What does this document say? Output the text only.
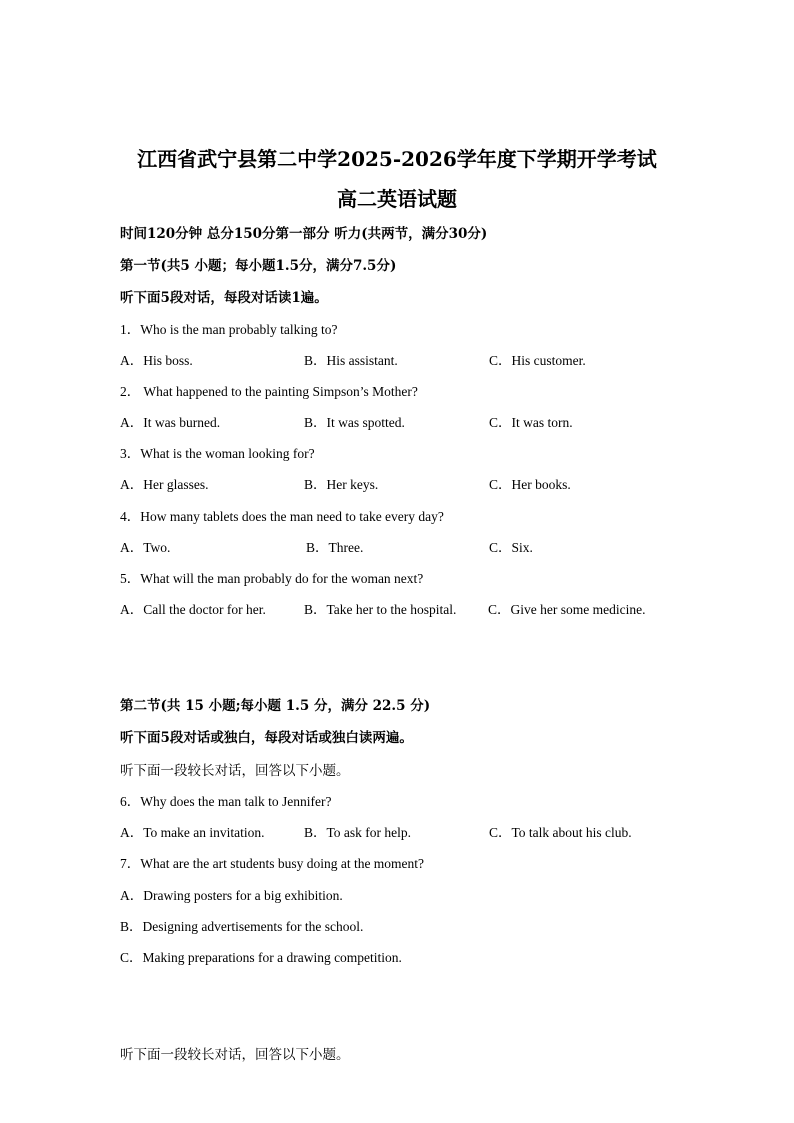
江西省武宁县第二中学2025-2026学年度下学期开学考试
高二英语试题
时间120分钟 总分150分第一部分 听力(共两节，满分30分)
第一节(共5 小题；每小题1.5分，满分7.5分)
听下面5段对话，每段对话读1遍。
1．Who is the man probably talking to?
A．His boss.	B．His assistant.	C．His customer.
2． What happened to the painting Simpson’s Mother?
A．It was burned.	B．It was spotted.	C．It was torn.
3．What is the woman looking for?
A．Her glasses.	B．Her keys.	C．Her books.
4．How many tablets does the man need to take every day?
A．Two.	B．Three.	C．Six.
5．What will the man probably do for the woman next?
A．Call the doctor for her.	B．Take her to the hospital. C．Give her some medicine.
第二节(共 15 小题;每小题 1.5 分，满分 22.5 分)
听下面5段对话或独白，每段对话或独白读两遍。
听下面一段较长对话，回答以下小题。
6．Why does the man talk to Jennifer?
A．To make an invitation.	B．To ask for help.	C．To talk about his club.
7．What are the art students busy doing at the moment?
A．Drawing posters for a big exhibition.
B．Designing advertisements for the school.
C．Making preparations for a drawing competition.
听下面一段较长对话，回答以下小题。
